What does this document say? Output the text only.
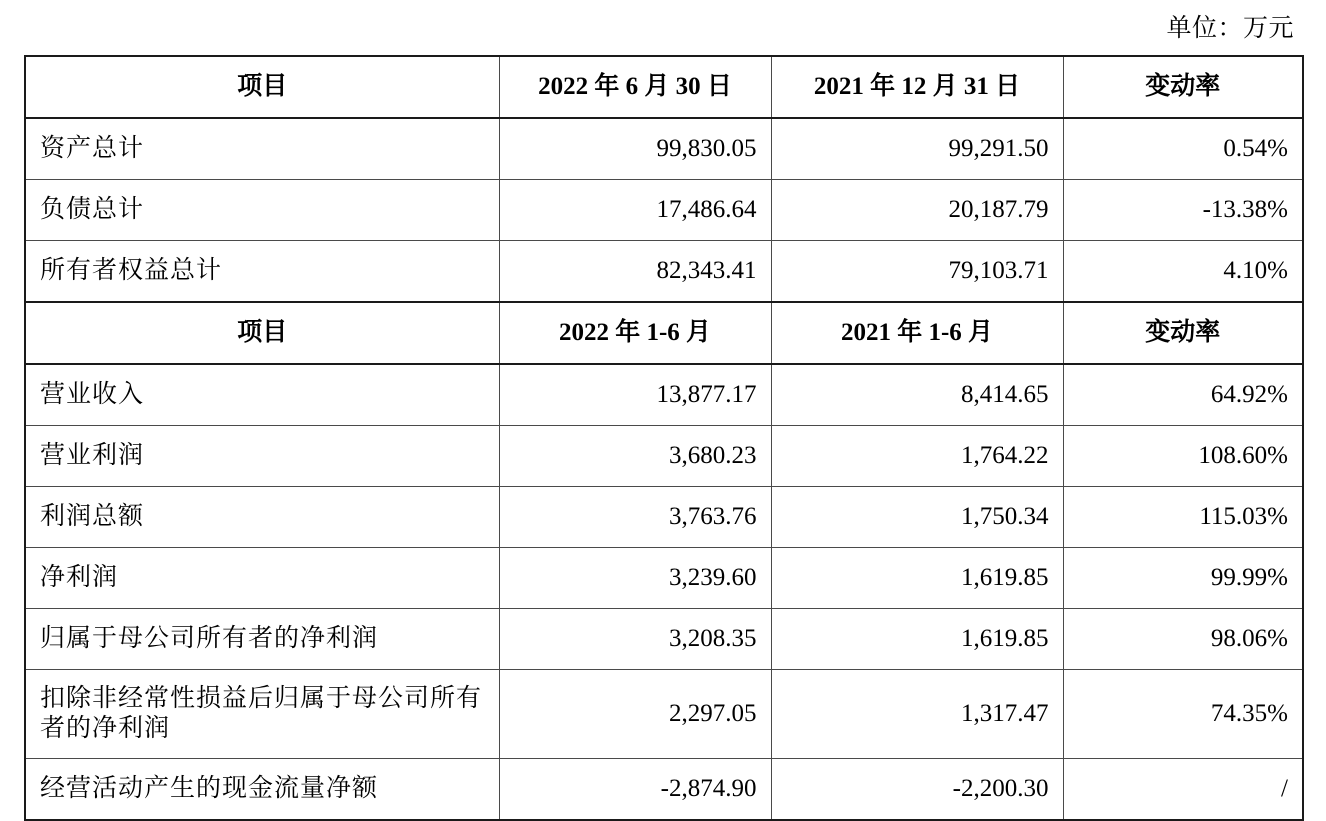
单位：万元
项目	2022 年 6 月 30 日	2021 年 12 月 31 日	变动率
资产总计	99,830.05	99,291.50	0.54%
负债总计	17,486.64	20,187.79	-13.38%
所有者权益总计	82,343.41	79,103.71	4.10%
项目	2022 年 1-6 月	2021 年 1-6 月	变动率
营业收入	13,877.17	8,414.65	64.92%
营业利润	3,680.23	1,764.22	108.60%
利润总额	3,763.76	1,750.34	115.03%
净利润	3,239.60	1,619.85	99.99%
归属于母公司所有者的净利润	3,208.35	1,619.85	98.06%
扣除非经常性损益后归属于母公司所有者的净利润	2,297.05	1,317.47	74.35%
经营活动产生的现金流量净额	-2,874.90	-2,200.30	/
